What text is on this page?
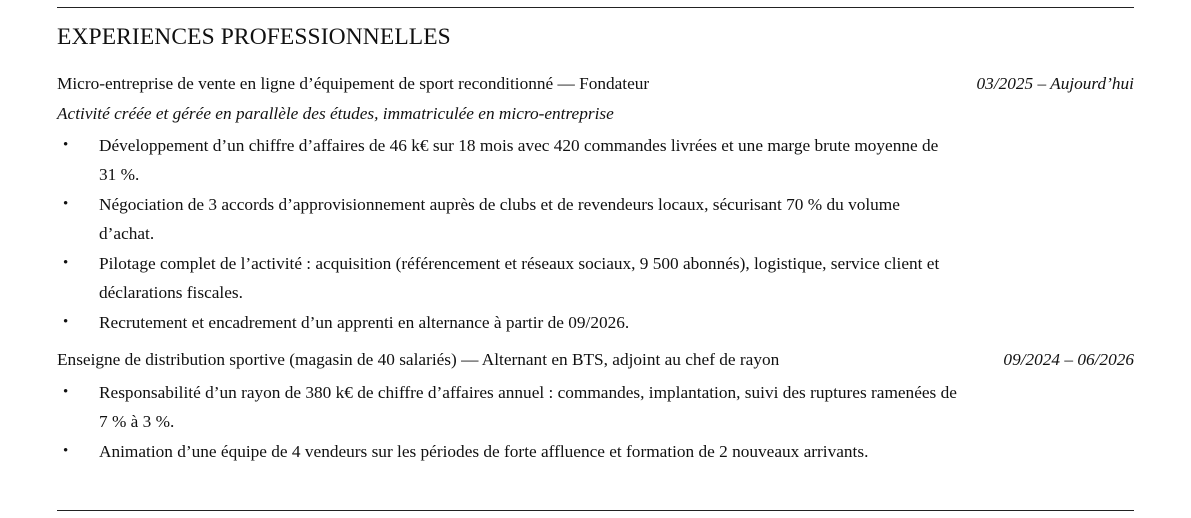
EXPERIENCES PROFESSIONNELLES
Micro-entreprise de vente en ligne d’équipement de sport reconditionné — Fondateur	03/2025 – Aujourd’hui
Activité créée et gérée en parallèle des études, immatriculée en micro-entreprise
• Développement d’un chiffre d’affaires de 46 k€ sur 18 mois avec 420 commandes livrées et une marge brute moyenne de 31 %.
• Négociation de 3 accords d’approvisionnement auprès de clubs et de revendeurs locaux, sécurisant 70 % du volume d’achat.
• Pilotage complet de l’activité : acquisition (référencement et réseaux sociaux, 9 500 abonnés), logistique, service client et déclarations fiscales.
• Recrutement et encadrement d’un apprenti en alternance à partir de 09/2026.
Enseigne de distribution sportive (magasin de 40 salariés) — Alternant en BTS, adjoint au chef de rayon	09/2024 – 06/2026
• Responsabilité d’un rayon de 380 k€ de chiffre d’affaires annuel : commandes, implantation, suivi des ruptures ramenées de 7 % à 3 %.
• Animation d’une équipe de 4 vendeurs sur les périodes de forte affluence et formation de 2 nouveaux arrivants.
